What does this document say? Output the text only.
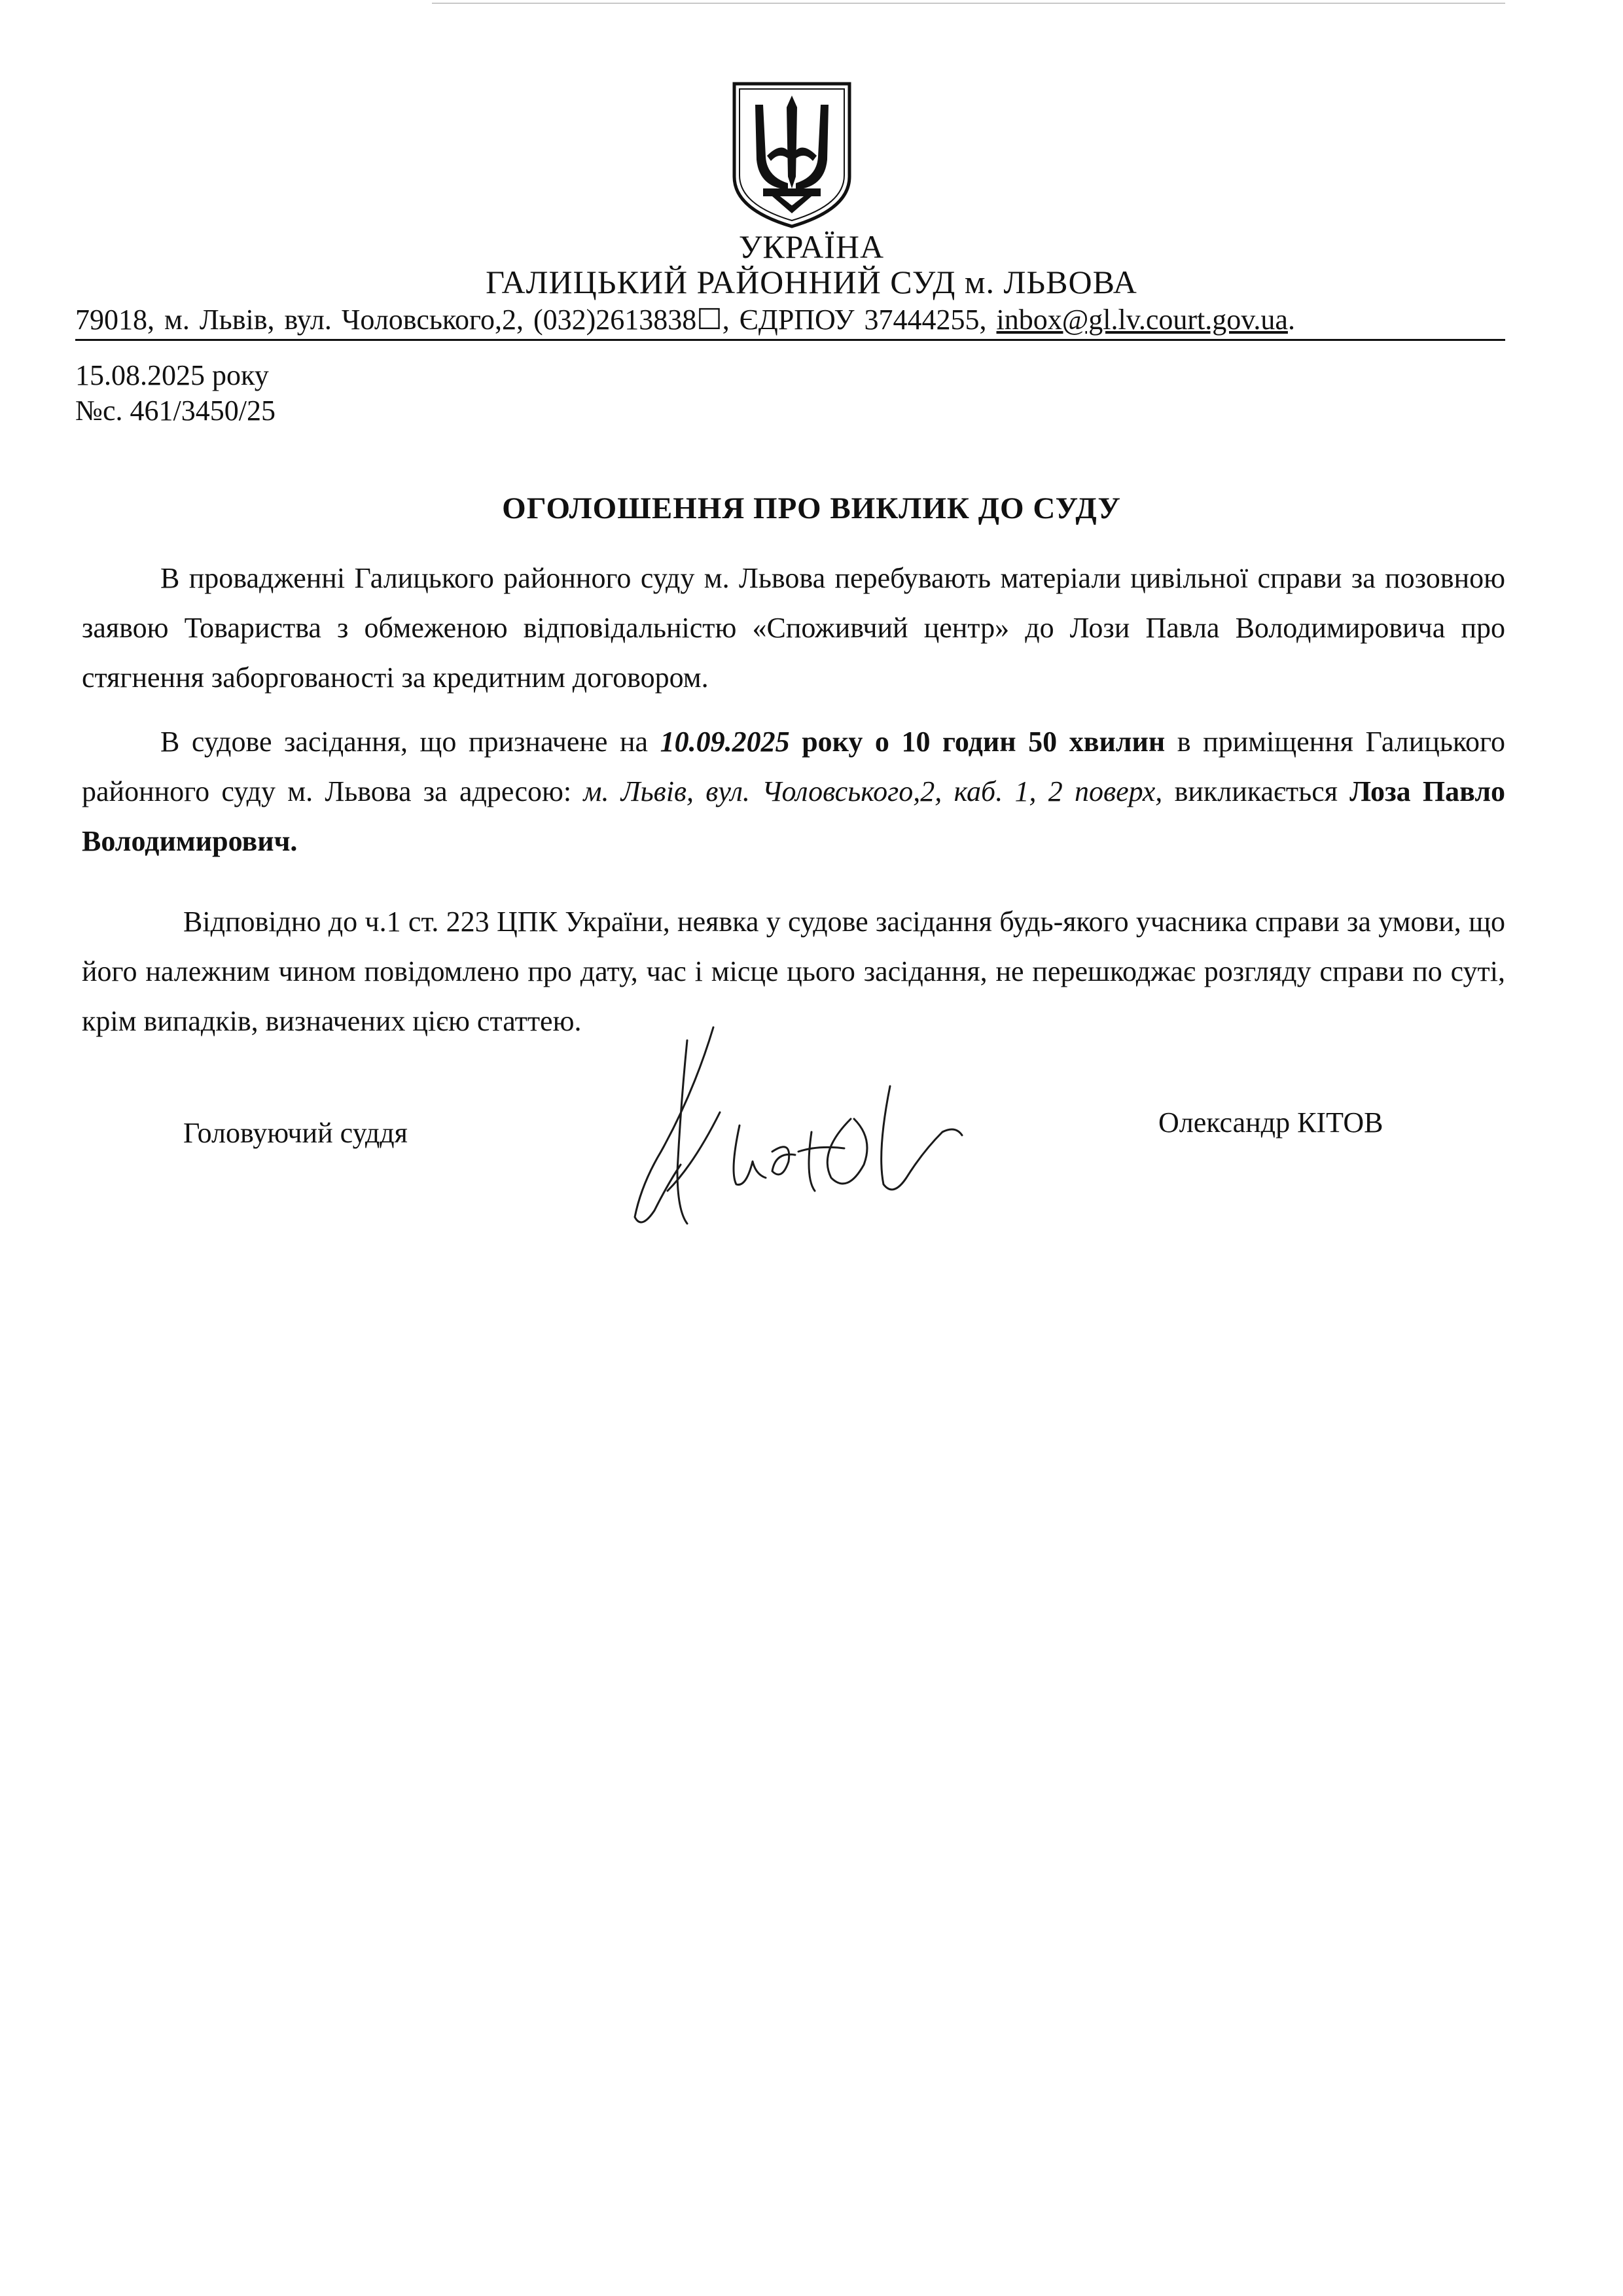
УКРАЇНА
ГАЛИЦЬКИЙ РАЙОННИЙ СУД м. ЛЬВОВА
79018, м. Львів, вул. Чоловського,2, (032)2613838☐, ЄДРПОУ 37444255, inbox@gl.lv.court.gov.ua.
15.08.2025 року
№с. 461/3450/25
ОГОЛОШЕННЯ ПРО ВИКЛИК ДО СУДУ

В провадженні Галицького районного суду м. Львова перебувають матеріали цивільної справи за позовною заявою Товариства з обмеженою відповідальністю «Споживчий центр» до Лози Павла Володимировича про стягнення заборгованості за кредитним договором.

В судове засідання, що призначене на 10.09.2025 року о 10 годин 50 хвилин в приміщення Галицького районного суду м. Львова за адресою: м. Львів, вул. Чоловського,2, каб. 1, 2 поверх, викликається Лоза Павло Володимирович.

Відповідно до ч.1 ст. 223 ЦПК України, неявка у судове засідання будь-якого учасника справи за умови, що його належним чином повідомлено про дату, час і місце цього засідання, не перешкоджає розгляду справи по суті, крім випадків, визначених цією статтею.

Головуючий суддя	Олександр КІТОВ
